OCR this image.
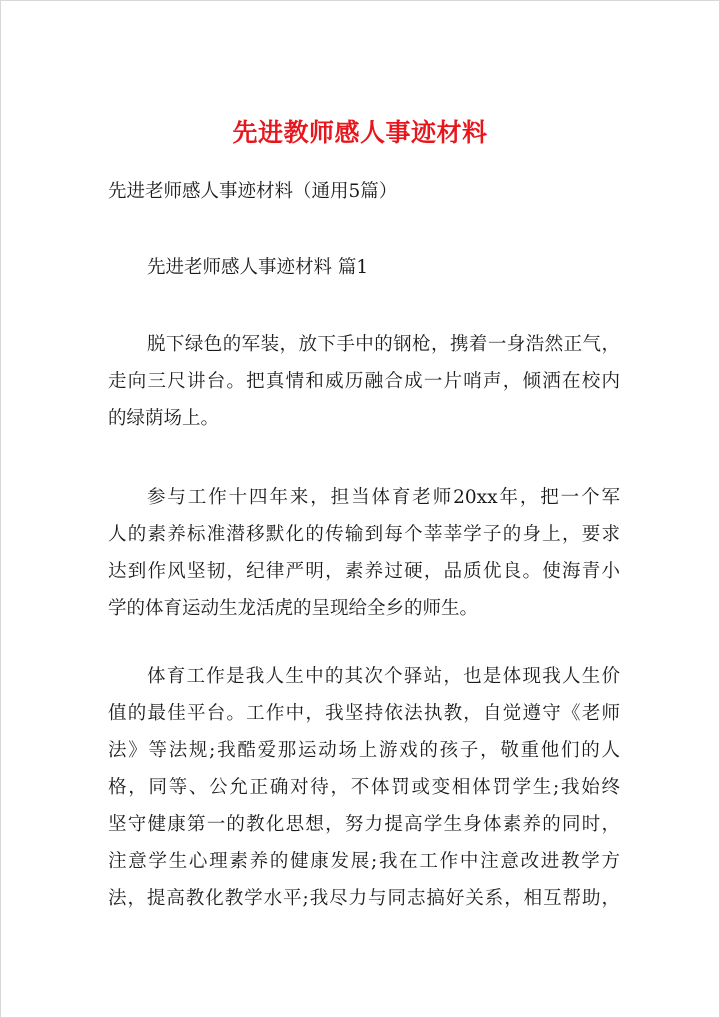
先进教师感人事迹材料
先进老师感人事迹材料（通用5篇）
先进老师感人事迹材料 篇1
脱下绿色的军装，放下手中的钢枪，携着一身浩然正气，
走向三尺讲台。把真情和威历融合成一片哨声，倾洒在校内
的绿荫场上。
参与工作十四年来，担当体育老师20xx年，把一个军
人的素养标准潜移默化的传输到每个莘莘学子的身上，要求
达到作风坚韧，纪律严明，素养过硬，品质优良。使海青小
学的体育运动生龙活虎的呈现给全乡的师生。
体育工作是我人生中的其次个驿站，也是体现我人生价
值的最佳平台。工作中，我坚持依法执教，自觉遵守《老师
法》等法规;我酷爱那运动场上游戏的孩子，敬重他们的人
格，同等、公允正确对待，不体罚或变相体罚学生;我始终
坚守健康第一的教化思想，努力提高学生身体素养的同时，
注意学生心理素养的健康发展;我在工作中注意改进教学方
法，提高教化教学水平;我尽力与同志搞好关系，相互帮助，
